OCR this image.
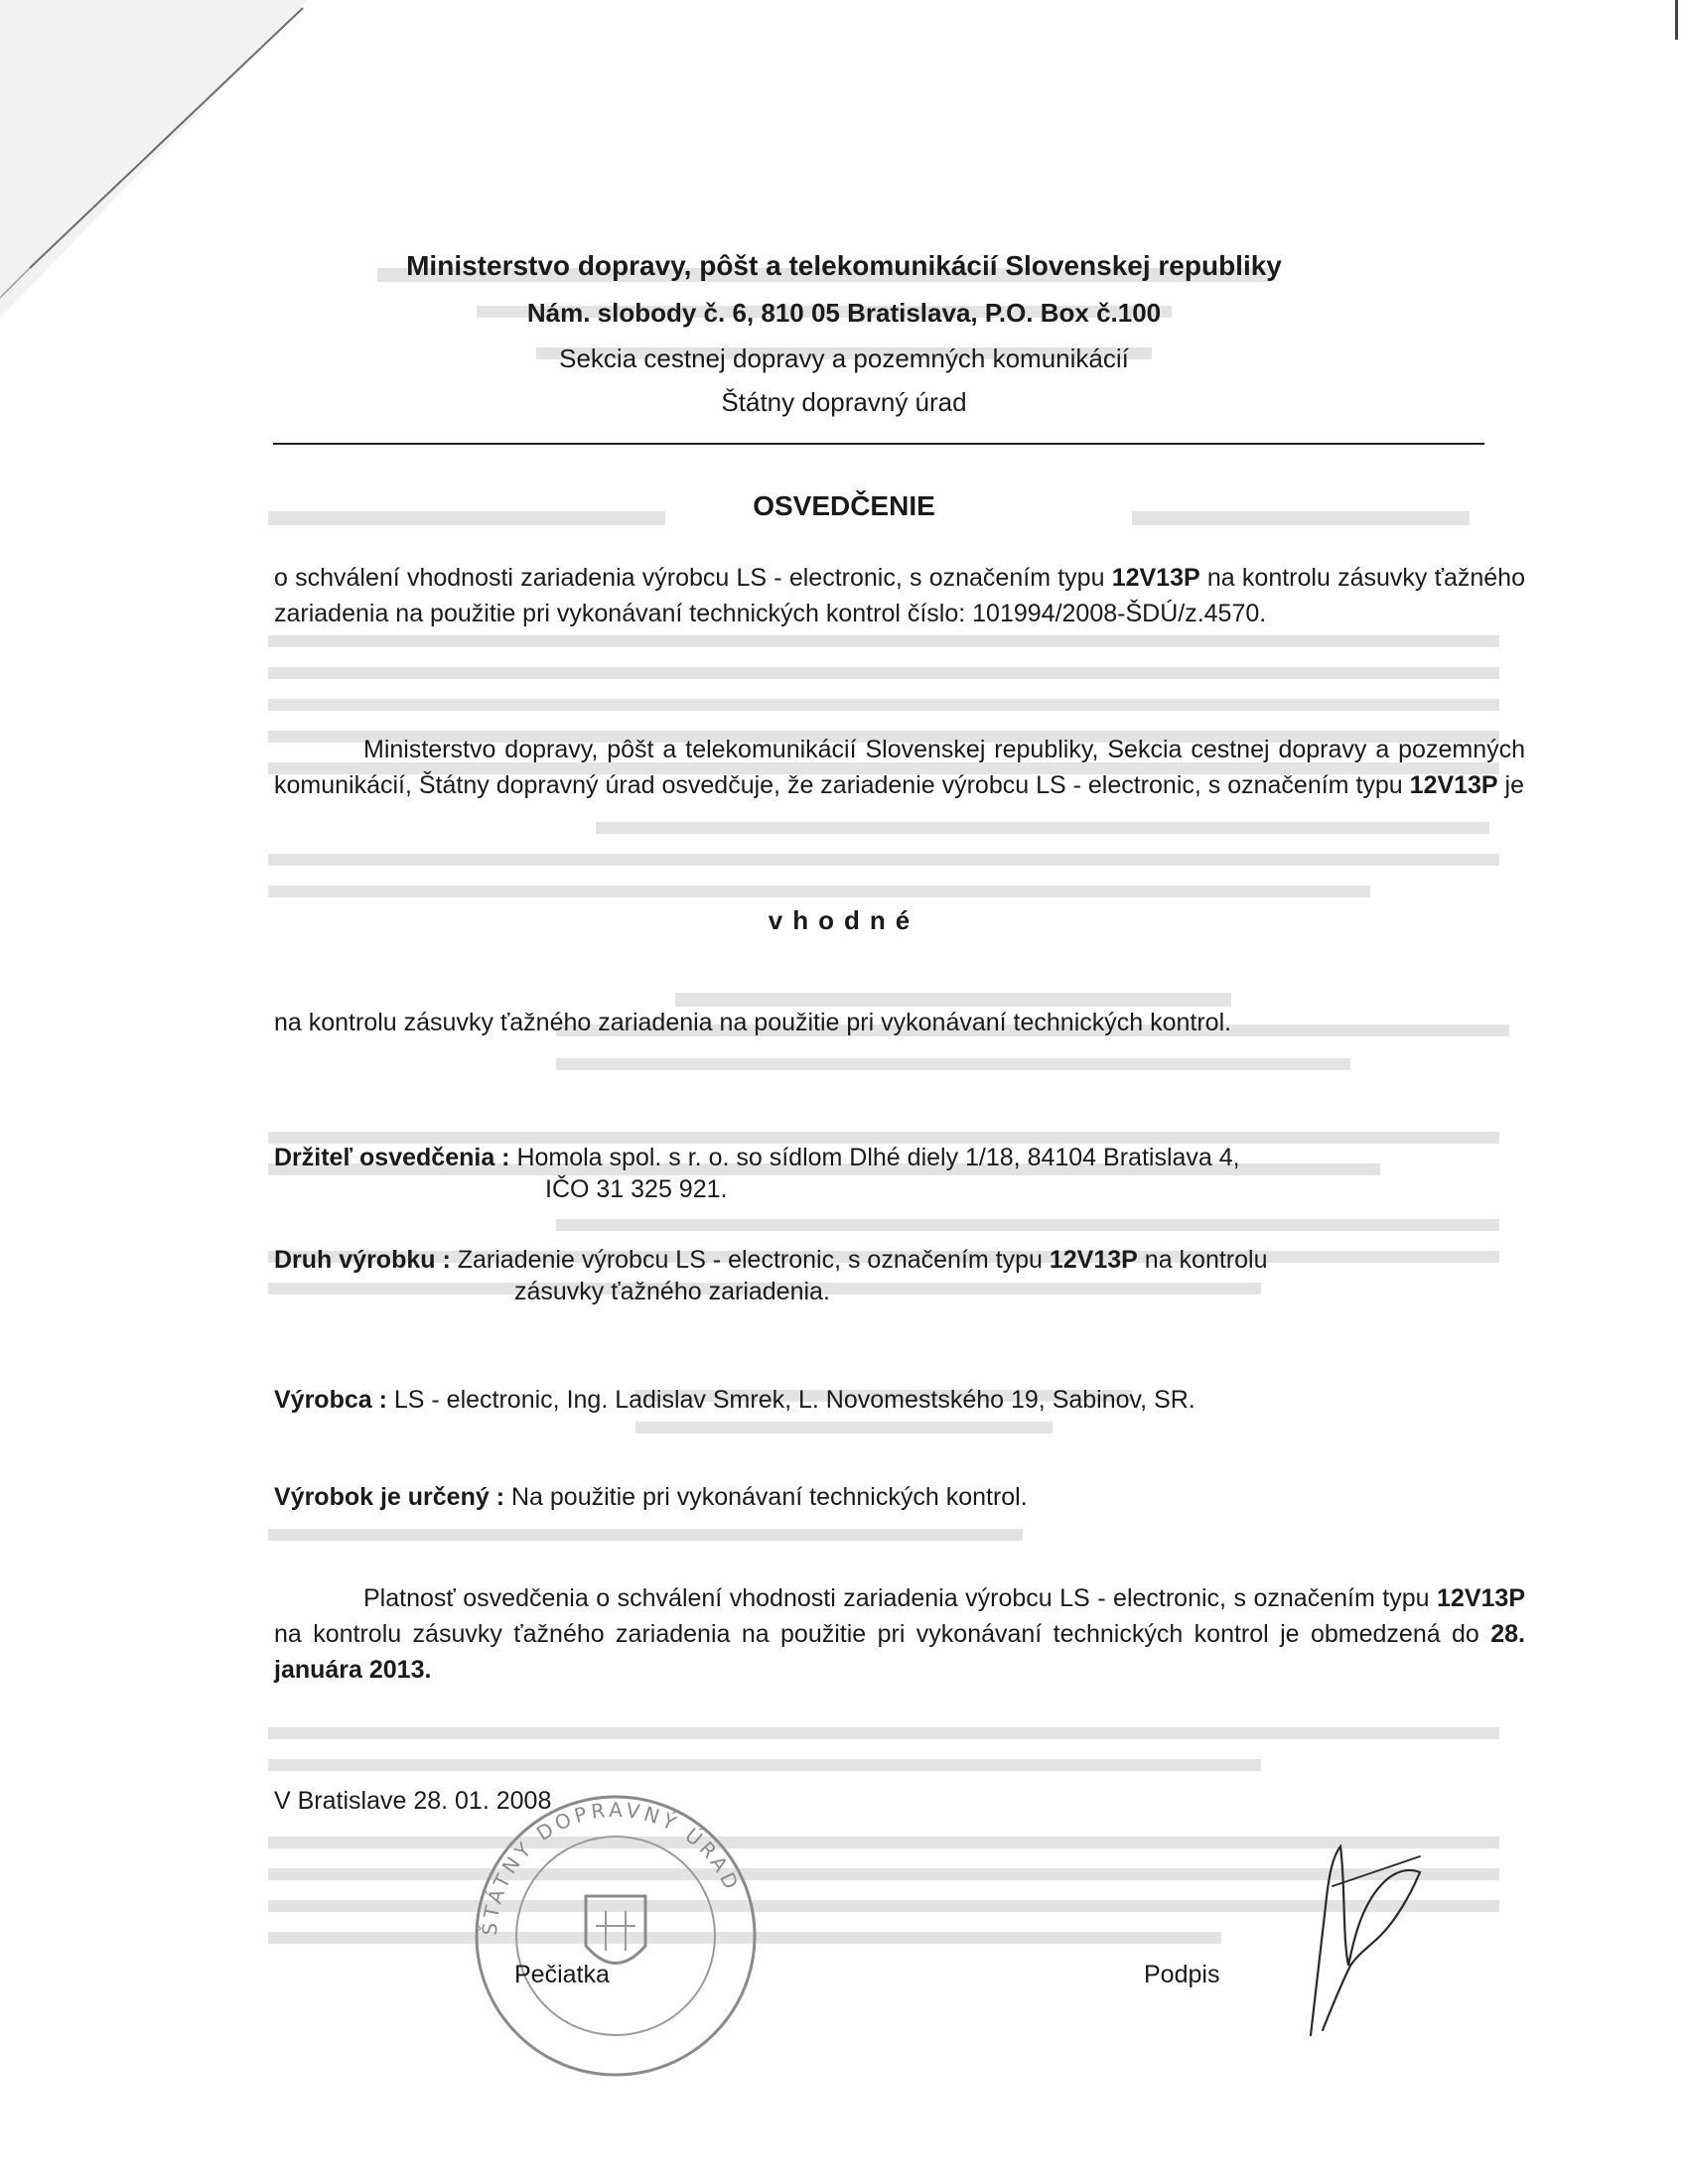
Ministerstvo dopravy, pôšt a telekomunikácií Slovenskej republiky
Nám. slobody č. 6, 810 05 Bratislava, P.O. Box č.100
Sekcia cestnej dopravy a pozemných komunikácií
Štátny dopravný úrad
OSVEDČENIE
o schválení vhodnosti zariadenia výrobcu LS - electronic, s označením typu 12V13P na kontrolu zásuvky ťažného zariadenia na použitie pri vykonávaní technických kontrol číslo: 101994/2008-ŠDÚ/z.4570.
Ministerstvo dopravy, pôšt a telekomunikácií Slovenskej republiky, Sekcia cestnej dopravy a pozemných komunikácií, Štátny dopravný úrad osvedčuje, že zariadenie výrobcu LS - electronic, s označením typu 12V13P je
vhodné
na kontrolu zásuvky ťažného zariadenia na použitie pri vykonávaní technických kontrol.
Držiteľ osvedčenia : Homola spol. s r. o. so sídlom Dlhé diely 1/18, 84104 Bratislava 4,
IČO 31 325 921.
Druh výrobku : Zariadenie výrobcu LS - electronic, s označením typu 12V13P na kontrolu
zásuvky ťažného zariadenia.
Výrobca : LS - electronic, Ing. Ladislav Smrek, L. Novomestského 19, Sabinov, SR.
Výrobok je určený : Na použitie pri vykonávaní technických kontrol.
Platnosť osvedčenia o schválení vhodnosti zariadenia výrobcu LS - electronic, s označením typu 12V13P na kontrolu zásuvky ťažného zariadenia na použitie pri vykonávaní technických kontrol je obmedzená do 28. januára 2013.
V Bratislave 28. 01. 2008
ŠTÁTNY DOPRAVNÝ ÚRAD
Pečiatka	Podpis
